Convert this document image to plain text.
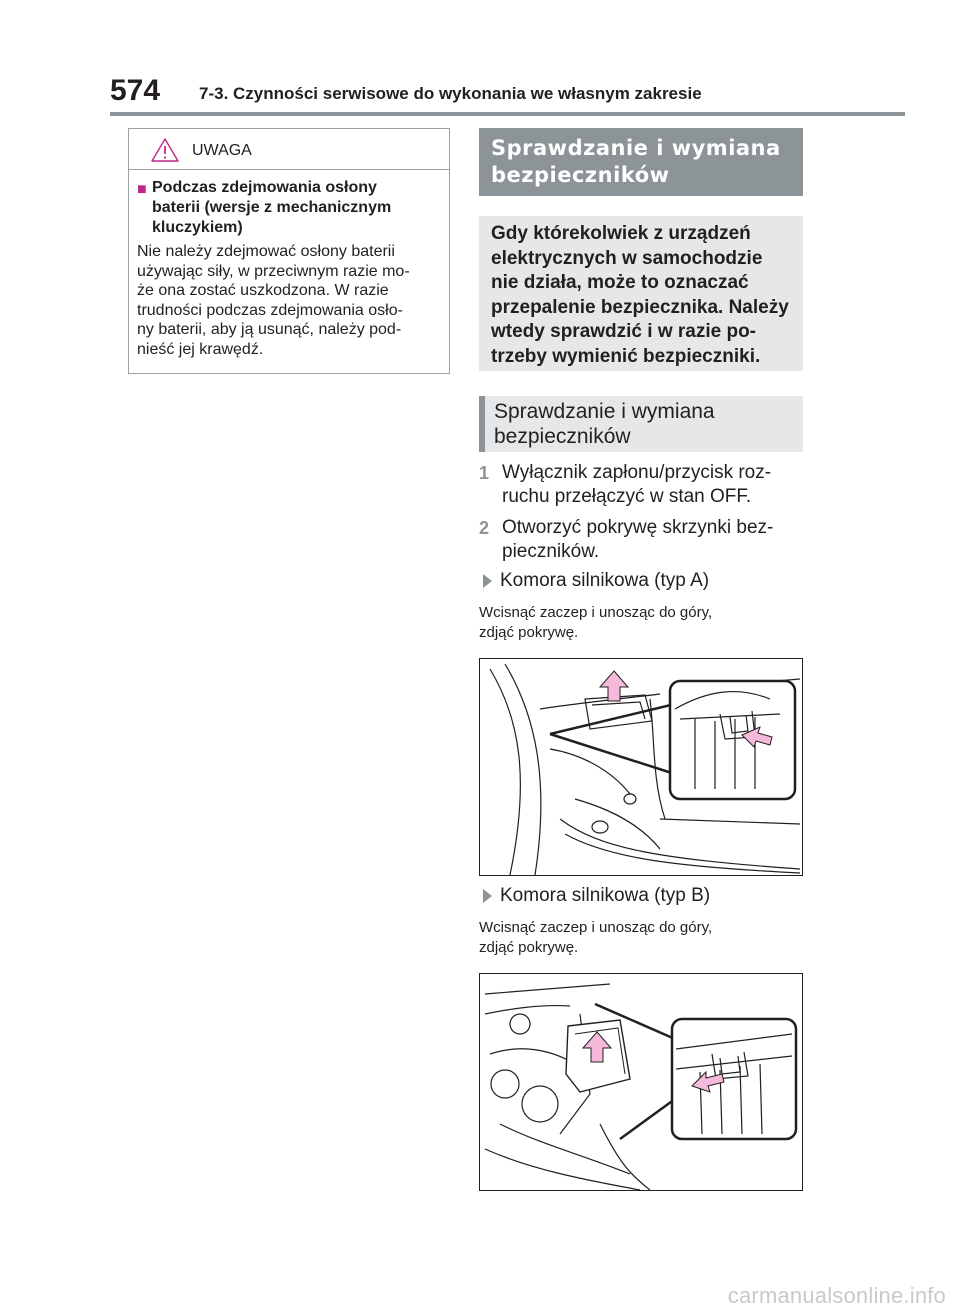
574 7-3. Czynności serwisowe do wykonania we własnym zakresie
UWAGA
■ Podczas zdejmowania osłony
baterii (wersje z mechanicznym
kluczykiem)
Nie należy zdejmować osłony baterii
używając siły, w przeciwnym razie mo-
że ona zostać uszkodzona. W razie
trudności podczas zdejmowania osło-
ny baterii, aby ją usunąć, należy pod-
nieść jej krawędź.
Sprawdzanie i wymiana
bezpieczników
Gdy którekolwiek z urządzeń
elektrycznych w samochodzie
nie działa, może to oznaczać
przepalenie bezpiecznika. Należy
wtedy sprawdzić i w razie po-
trzeby wymienić bezpieczniki.
Sprawdzanie i wymiana
bezpieczników
1 Wyłącznik zapłonu/przycisk roz-
ruchu przełączyć w stan OFF.
2 Otworzyć pokrywę skrzynki bez-
pieczników.
Komora silnikowa (typ A)
Wcisnąć zaczep i unosząc do góry,
zdjąć pokrywę.
Komora silnikowa (typ B)
Wcisnąć zaczep i unosząc do góry,
zdjąć pokrywę.
carmanualsonline.info
